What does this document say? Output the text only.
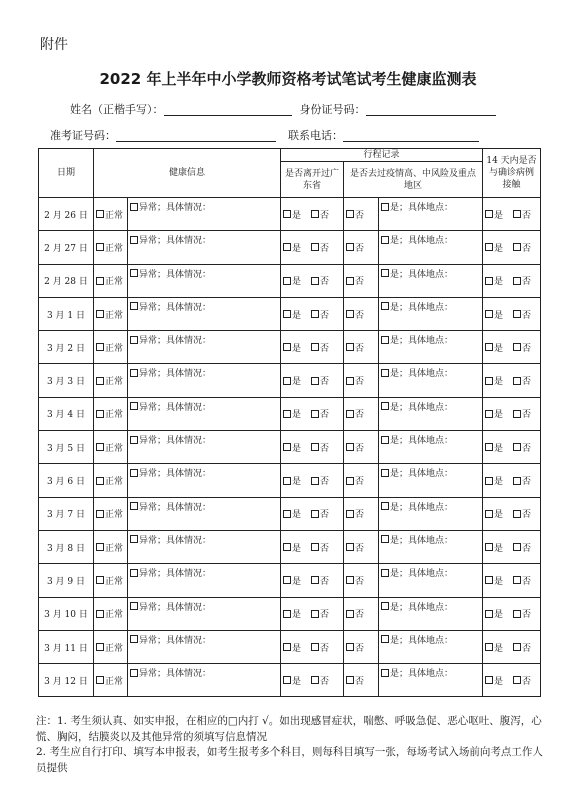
附件
2022 年上半年中小学教师资格考试笔试考生健康监测表
姓名（正楷手写）：	身份证号码：
准考证号码：	联系电话：
日期	健康信息		行程记录			14 天内是否与确诊病例接触
			是否离开过广东省	是否去过疫情高、中风险及重点地区		
2 月 26 日	正常	异常；具体情况：	是 否	否	是；具体地点：	是 否
2 月 27 日	正常	异常；具体情况：	是 否	否	是；具体地点：	是 否
2 月 28 日	正常	异常；具体情况：	是 否	否	是；具体地点：	是 否
3 月 1 日	正常	异常；具体情况：	是 否	否	是；具体地点：	是 否
3 月 2 日	正常	异常；具体情况：	是 否	否	是；具体地点：	是 否
3 月 3 日	正常	异常；具体情况：	是 否	否	是；具体地点：	是 否
3 月 4 日	正常	异常；具体情况：	是 否	否	是；具体地点：	是 否
3 月 5 日	正常	异常；具体情况：	是 否	否	是；具体地点：	是 否
3 月 6 日	正常	异常；具体情况：	是 否	否	是；具体地点：	是 否
3 月 7 日	正常	异常；具体情况：	是 否	否	是；具体地点：	是 否
3 月 8 日	正常	异常；具体情况：	是 否	否	是；具体地点：	是 否
3 月 9 日	正常	异常；具体情况：	是 否	否	是；具体地点：	是 否
3 月 10 日	正常	异常；具体情况：	是 否	否	是；具体地点：	是 否
3 月 11 日	正常	异常；具体情况：	是 否	否	是；具体地点：	是 否
3 月 12 日	正常	异常；具体情况：	是 否	否	是；具体地点：	是 否

注：1. 考生须认真、如实申报，在相应的□内打 √。如出现感冒症状，喘憋、呼吸急促、恶心呕吐、腹泻，心慌、胸闷，结膜炎以及其他异常的须填写信息情况

2. 考生应自行打印、填写本申报表，如考生报考多个科目，则每科目填写一张，每场考试入场前向考点工作人员提供
